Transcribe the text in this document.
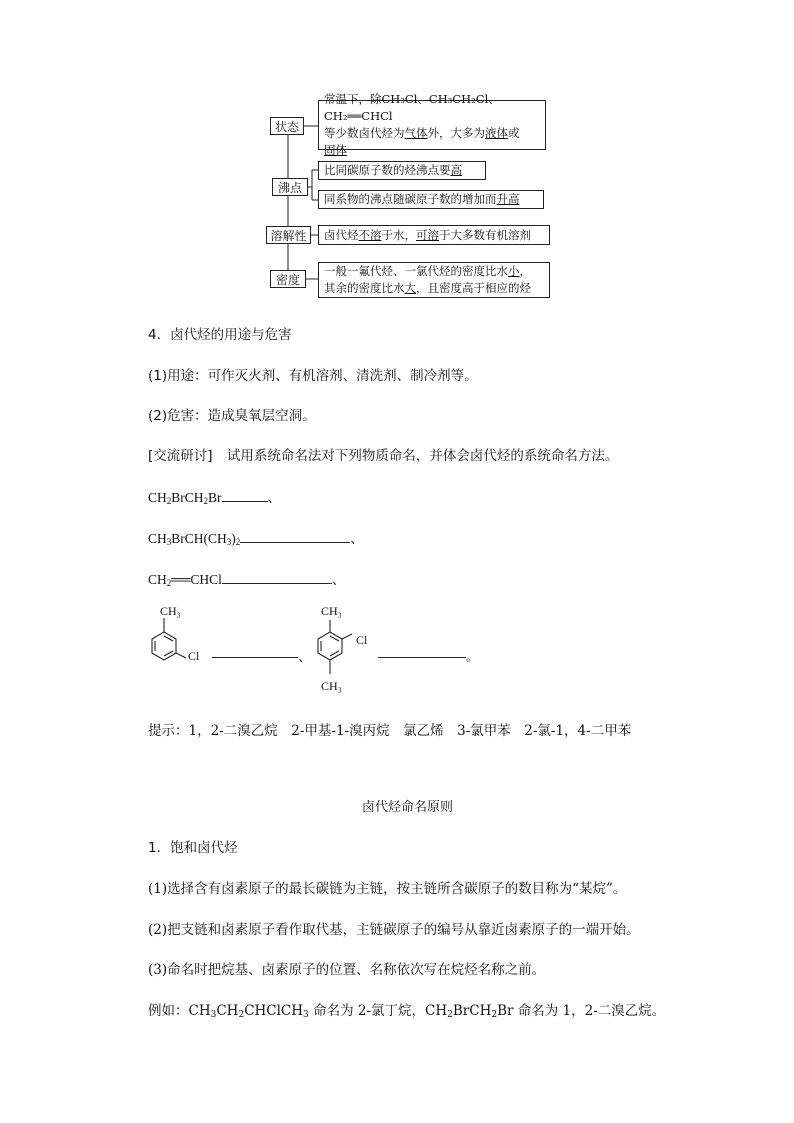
状态
常温下，除CH₃Cl、CH₃CH₂Cl、CH₂══CHCl
等少数卤代烃为气体外，大多为液体或
固体
沸点
比同碳原子数的烃沸点要 高
同系物的沸点随碳原子数的增加而 升高
溶解性	卤代烃 不溶 于水， 可溶 于大多数有机溶剂
密度
一般一氟代烃、一氯代烃的密度比水小，
其余的密度比水大，且密度高于相应的烃
4．卤代烃的用途与危害
(1)用途：可作灭火剂、有机溶剂、清洗剂、制冷剂等。
(2)危害：造成臭氧层空洞。
[交流研讨] 试用系统命名法对下列物质命名，并体会卤代烃的系统命名方法。
$CH_2BrCH_2Br$	、
$CH_3BrCH(CH_3)_2$	、
$CH_2══CHCl$	、
CH₃
Cl	、
CH₃
Cl
CH₃
。
提示：1，2-二溴乙烷　2-甲基-1-溴丙烷　氯乙烯　3-氯甲苯　2-氯-1，4-二甲苯
卤代烃命名原则
1．饱和卤代烃
(1)选择含有卤素原子的最长碳链为主链，按主链所含碳原子的数目称为“某烷”。
(2)把支链和卤素原子看作取代基，主链碳原子的编号从靠近卤素原子的一端开始。
(3)命名时把烷基、卤素原子的位置、名称依次写在烷烃名称之前。
例如：$CH_3CH_2CHClCH_3$ 命名为 2-氯丁烷，$CH_2BrCH_2Br$ 命名为 1，2-二溴乙烷。
